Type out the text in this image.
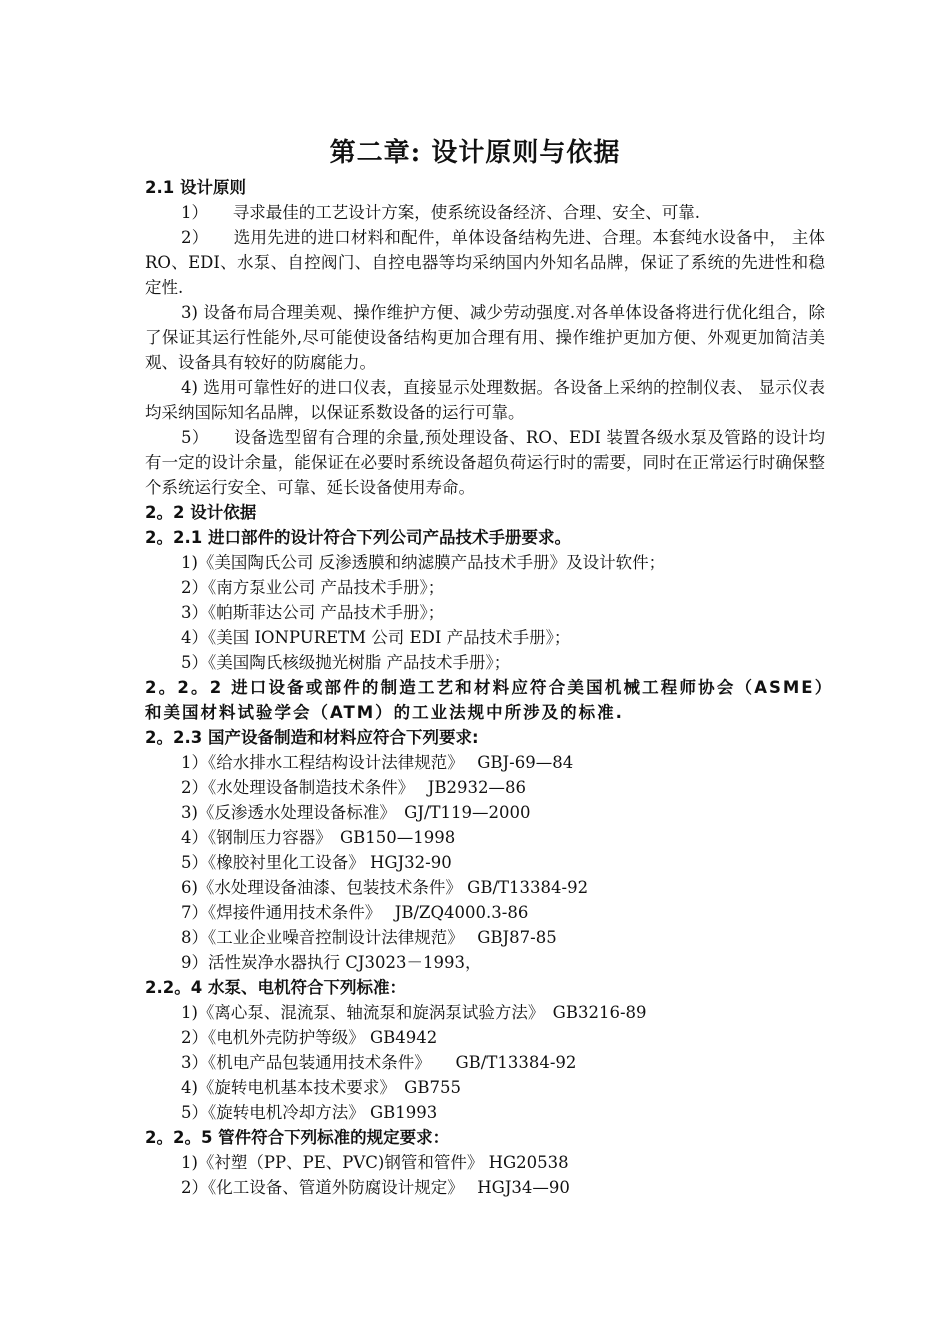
第二章: 设计原则与依据
2.1 设计原则
1）　　寻求最佳的工艺设计方案，使系统设备经济、合理、安全、可靠.
2）　　选用先进的进口材料和配件，单体设备结构先进、合理。本套纯水设备中， 主体 RO、EDI、水泵、自控阀门、自控电器等均采纳国内外知名品牌，保证了系统的先进性和稳定性.
3) 设备布局合理美观、操作维护方便、减少劳动强度.对各单体设备将进行优化组合，除了保证其运行性能外,尽可能使设备结构更加合理有用、操作维护更加方便、外观更加简洁美观、设备具有较好的防腐能力。
4) 选用可靠性好的进口仪表，直接显示处理数据。各设备上采纳的控制仪表、 显示仪表均采纳国际知名品牌，以保证系数设备的运行可靠。
5）　　设备选型留有合理的余量,预处理设备、RO、EDI 装置各级水泵及管路的设计均有一定的设计余量，能保证在必要时系统设备超负荷运行时的需要，同时在正常运行时确保整个系统运行安全、可靠、延长设备使用寿命。
2。2 设计依据
2。2.1 进口部件的设计符合下列公司产品技术手册要求。
1)《美国陶氏公司 反渗透膜和纳滤膜产品技术手册》及设计软件；
2）《南方泵业公司 产品技术手册》；
3）《帕斯菲达公司 产品技术手册》；
4）《美国 IONPURETM 公司 EDI 产品技术手册》；
5）《美国陶氏核级抛光树脂 产品技术手册》；
2。2。2 进口设备或部件的制造工艺和材料应符合美国机械工程师协会（ASME）和美国材料试验学会（ATM）的工业法规中所涉及的标准.
2。2.3 国产设备制造和材料应符合下列要求:
1）《给水排水工程结构设计法律规范》　 GBJ-69—84
2）《水处理设备制造技术条件》　 JB2932—86
3)《反渗透水处理设备标准》　GJ/T119—2000
4）《钢制压力容器》　GB150—1998
5）《橡胶衬里化工设备》 HGJ32-90
6)《水处理设备油漆、包装技术条件》 GB/T13384-92
7）《焊接件通用技术条件》　 JB/ZQ4000.3-86
8）《工业企业噪音控制设计法律规范》　 GBJ87-85
9）活性炭净水器执行 CJ3023－1993，
2.2。4 水泵、电机符合下列标准：
1)《离心泵、混流泵、轴流泵和旋涡泵试验方法》　GB3216-89
2）《电机外壳防护等级》 GB4942
3）《机电产品包装通用技术条件》　　GB/T13384-92
4)《旋转电机基本技术要求》　GB755
5）《旋转电机冷却方法》 GB1993
2。2。5 管件符合下列标准的规定要求：
1)《衬塑（PP、PE、PVC)钢管和管件》 HG20538
2）《化工设备、管道外防腐设计规定》　 HGJ34—90
